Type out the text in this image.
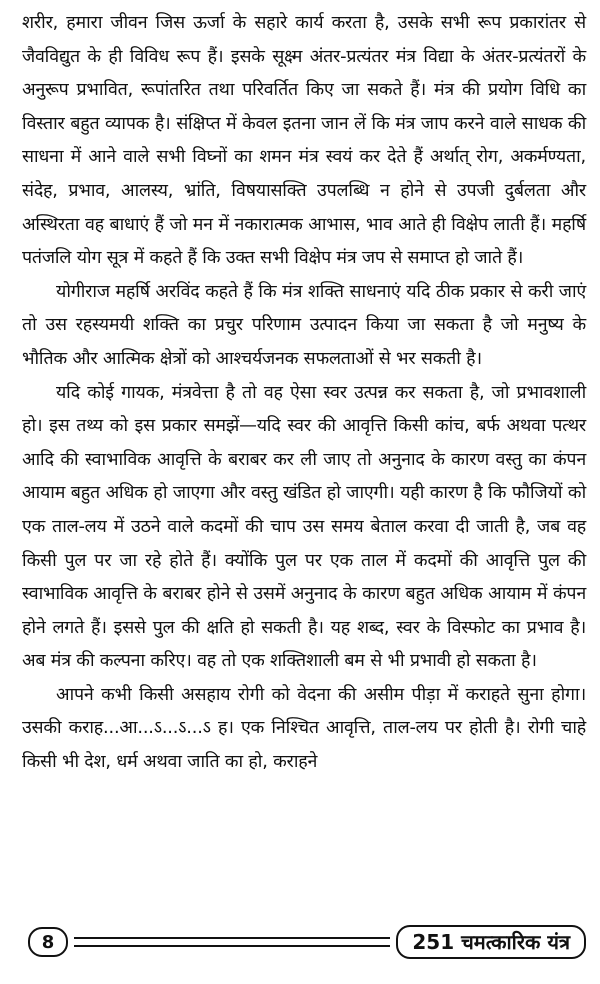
शरीर, हमारा जीवन जिस ऊर्जा के सहारे कार्य करता है, उसके सभी रूप प्रकारांतर से जैवविद्युत के ही विविध रूप हैं। इसके सूक्ष्म अंतर-प्रत्यंतर मंत्र विद्या के अंतर-प्रत्यंतरों के अनुरूप प्रभावित, रूपांतरित तथा परिवर्तित किए जा सकते हैं। मंत्र की प्रयोग विधि का विस्तार बहुत व्यापक है। संक्षिप्त में केवल इतना जान लें कि मंत्र जाप करने वाले साधक की साधना में आने वाले सभी विघ्नों का शमन मंत्र स्वयं कर देते हैं अर्थात् रोग, अकर्मण्यता, संदेह, प्रभाव, आलस्य, भ्रांति, विषयासक्ति उपलब्धि न होने से उपजी दुर्बलता और अस्थिरता वह बाधाएं हैं जो मन में नकारात्मक आभास, भाव आते ही विक्षेप लाती हैं। महर्षि पतंजलि योग सूत्र में कहते हैं कि उक्त सभी विक्षेप मंत्र जप से समाप्त हो जाते हैं।

योगीराज महर्षि अरविंद कहते हैं कि मंत्र शक्ति साधनाएं यदि ठीक प्रकार से करी जाएं तो उस रहस्यमयी शक्ति का प्रचुर परिणाम उत्पादन किया जा सकता है जो मनुष्य के भौतिक और आत्मिक क्षेत्रों को आश्चर्यजनक सफलताओं से भर सकती है।

यदि कोई गायक, मंत्रवेत्ता है तो वह ऐसा स्वर उत्पन्न कर सकता है, जो प्रभावशाली हो। इस तथ्य को इस प्रकार समझें—यदि स्वर की आवृत्ति किसी कांच, बर्फ अथवा पत्थर आदि की स्वाभाविक आवृत्ति के बराबर कर ली जाए तो अनुनाद के कारण वस्तु का कंपन आयाम बहुत अधिक हो जाएगा और वस्तु खंडित हो जाएगी। यही कारण है कि फौजियों को एक ताल-लय में उठने वाले कदमों की चाप उस समय बेताल करवा दी जाती है, जब वह किसी पुल पर जा रहे होते हैं। क्योंकि पुल पर एक ताल में कदमों की आवृत्ति पुल की स्वाभाविक आवृत्ति के बराबर होने से उसमें अनुनाद के कारण बहुत अधिक आयाम में कंपन होने लगते हैं। इससे पुल की क्षति हो सकती है। यह शब्द, स्वर के विस्फोट का प्रभाव है। अब मंत्र की कल्पना करिए। वह तो एक शक्तिशाली बम से भी प्रभावी हो सकता है।

आपने कभी किसी असहाय रोगी को वेदना की असीम पीड़ा में कराहते सुना होगा। उसकी कराह...आ...ऽ...ऽ...ऽ ह। एक निश्चित आवृत्ति, ताल-लय पर होती है। रोगी चाहे किसी भी देश, धर्म अथवा जाति का हो, कराहने

8	251 चमत्कारिक यंत्र
